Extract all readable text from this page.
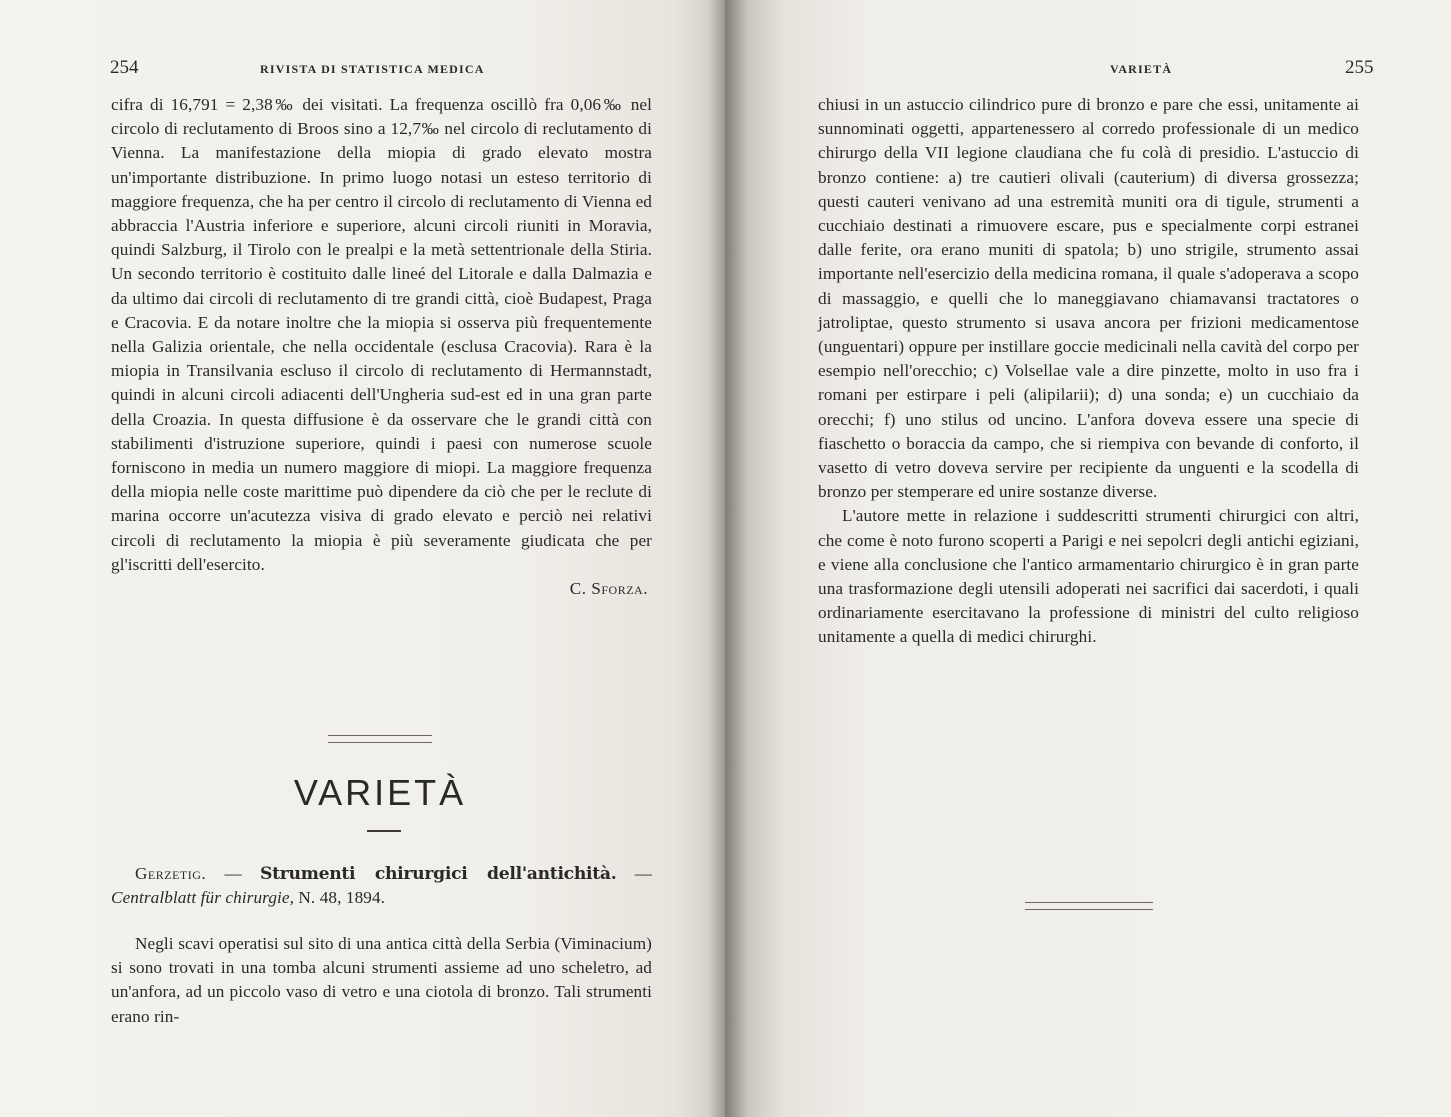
254	RIVISTA DI STATISTICA MEDICA

cifra di 16,791 = 2,38‰ dei visitati. La frequenza oscillò fra 0,06‰ nel circolo di reclutamento di Broos sino a 12,7‰ nel circolo di reclutamento di Vienna. La manifestazione della miopia di grado elevato mostra un'importante distribuzione. In primo luogo notasi un esteso territorio di maggiore frequenza, che ha per centro il circolo di reclutamento di Vienna ed abbraccia l'Austria inferiore e superiore, alcuni circoli riuniti in Moravia, quindi Salzburg, il Tirolo con le prealpi e la metà settentrionale della Stiria. Un secondo territorio è costituito dalle lineé del Litorale e dalla Dalmazia e da ultimo dai circoli di reclutamento di tre grandi città, cioè Budapest, Praga e Cracovia. E da notare inoltre che la miopia si osserva più frequentemente nella Galizia orientale, che nella occidentale (esclusa Cracovia). Rara è la miopia in Transilvania escluso il circolo di reclutamento di Hermannstadt, quindi in alcuni circoli adiacenti dell'Ungheria sud-est ed in una gran parte della Croazia. In questa diffusione è da osservare che le grandi città con stabilimenti d'istruzione superiore, quindi i paesi con numerose scuole forniscono in media un numero maggiore di miopi. La maggiore frequenza della miopia nelle coste marittime può dipendere da ciò che per le reclute di marina occorre un'acutezza visiva di grado elevato e perciò nei relativi circoli di reclutamento la miopia è più severamente giudicata che per gl'iscritti dell'esercito.

C. Sforza.

VARIETÀ

Gerzetig. — Strumenti chirurgici dell'antichità. — Centralblatt für chirurgie, N. 48, 1894.

Negli scavi operatisi sul sito di una antica città della Serbia (Viminacium) si sono trovati in una tomba alcuni strumenti assieme ad uno scheletro, ad un'anfora, ad un piccolo vaso di vetro e una ciotola di bronzo. Tali strumenti erano rin-
VARIETÀ	255

chiusi in un astuccio cilindrico pure di bronzo e pare che essi, unitamente ai sunnominati oggetti, appartenessero al corredo professionale di un medico chirurgo della VII legione claudiana che fu colà di presidio. L'astuccio di bronzo contiene: a) tre cautieri olivali (cauterium) di diversa grossezza; questi cauteri venivano ad una estremità muniti ora di tigule, strumenti a cucchiaio destinati a rimuovere escare, pus e specialmente corpi estranei dalle ferite, ora erano muniti di spatola; b) uno strigile, strumento assai importante nell'esercizio della medicina romana, il quale s'adoperava a scopo di massaggio, e quelli che lo maneggiavano chiamavansi tractatores o jatroliptae, questo strumento si usava ancora per frizioni medicamentose (unguentari) oppure per instillare goccie medicinali nella cavità del corpo per esempio nell'orecchio; c) Volsellae vale a dire pinzette, molto in uso fra i romani per estirpare i peli (alipilarii); d) una sonda; e) un cucchiaio da orecchi; f) uno stilus od uncino. L'anfora doveva essere una specie di fiaschetto o boraccia da campo, che si riempiva con bevande di conforto, il vasetto di vetro doveva servire per recipiente da unguenti e la scodella di bronzo per stemperare ed unire sostanze diverse.

L'autore mette in relazione i suddescritti strumenti chirurgici con altri, che come è noto furono scoperti a Parigi e nei sepolcri degli antichi egiziani, e viene alla conclusione che l'antico armamentario chirurgico è in gran parte una trasformazione degli utensili adoperati nei sacrifici dai sacerdoti, i quali ordinariamente esercitavano la professione di ministri del culto religioso unitamente a quella di medici chirurghi.
